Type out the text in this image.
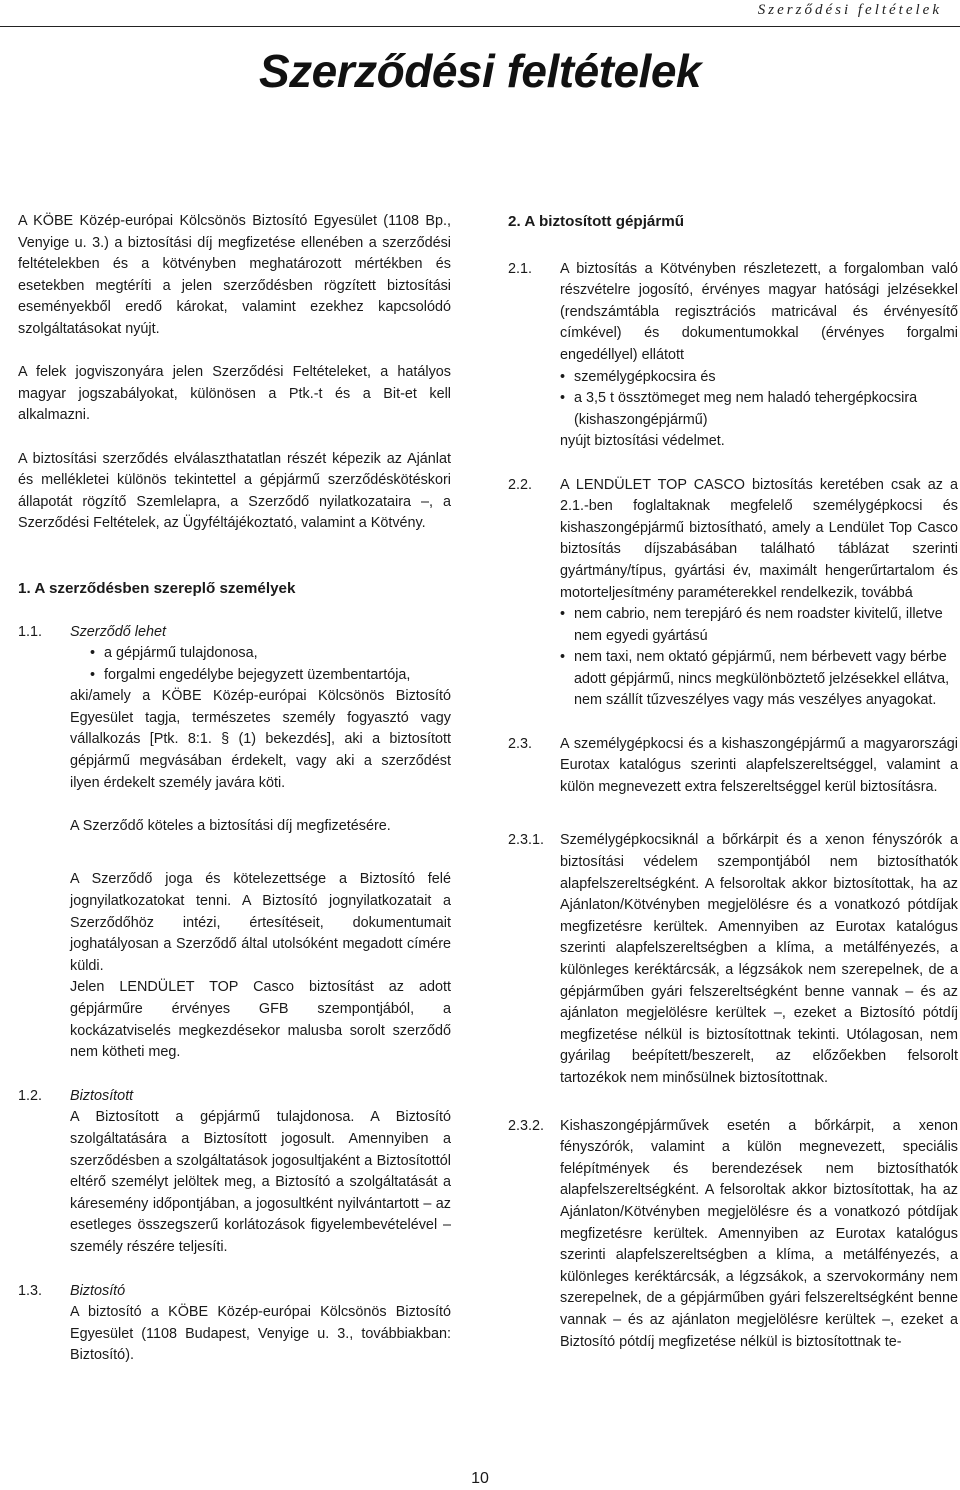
Szerződési feltételek
Szerződési feltételek

A KÖBE Közép-európai Kölcsönös Biztosító Egyesület (1108 Bp., Venyige u. 3.) a biztosítási díj megfizetése ellenében a szerződési feltételekben és a kötvényben meghatározott mértékben és esetekben megtéríti a jelen szerződésben rögzített biztosítási eseményekből eredő károkat, valamint ezekhez kapcsolódó szolgáltatásokat nyújt.

A felek jogviszonyára jelen Szerződési Feltételeket, a hatályos magyar jogszabályokat, különösen a Ptk.-t és a Bit-et kell alkalmazni.

A biztosítási szerződés elválaszthatatlan részét képezik az Ajánlat és mellékletei különös tekintettel a gépjármű szerződéskötéskori állapotát rögzítő Szemlelapra, a Szerződő nyilatkozataira –, a Szerződési Feltételek, az Ügyféltájékoztató, valamint a Kötvény.

1. A szerződésben szereplő személyek

1.1. Szerződő lehet

• a gépjármű tulajdonosa,
• forgalmi engedélybe bejegyzett üzembentartója,

aki/amely a KÖBE Közép-európai Kölcsönös Biztosító Egyesület tagja, természetes személy fogyasztó vagy vállalkozás [Ptk. 8:1. § (1) bekezdés], aki a biztosított gépjármű megvásában érdekelt, vagy aki a szerződést ilyen érdekelt személy javára köti.

A Szerződő köteles a biztosítási díj megfizetésére.

A Szerződő joga és kötelezettsége a Biztosító felé jognyilatkozatokat tenni. A Biztosító jognyilatkozatait a Szerződőhöz intézi, értesítéseit, dokumentumait joghatályosan a Szerződő által utolsóként megadott címére küldi.

Jelen LENDÜLET TOP Casco biztosítást az adott gépjárműre érvényes GFB szempontjából, a kockázatviselés megkezdésekor malusba sorolt szerződő nem kötheti meg.

1.2. Biztosított

A Biztosított a gépjármű tulajdonosa. A Biztosító szolgáltatására a Biztosított jogosult. Amennyiben a szerződésben a szolgáltatások jogosultjaként a Biztosítottól eltérő személyt jelöltek meg, a Biztosító a szolgáltatását a káresemény időpontjában, a jogosultként nyilvántartott – az esetleges összegszerű korlátozások figyelembevételével – személy részére teljesíti.

1.3. Biztosító

A biztosító a KÖBE Közép-európai Kölcsönös Biztosító Egyesület (1108 Budapest, Venyige u. 3., továbbiakban: Biztosító).

2. A biztosított gépjármű

2.1. A biztosítás a Kötvényben részletezett, a forgalomban való részvételre jogosító, érvényes magyar hatósági jelzésekkel (rendszámtábla regisztrációs matricával és érvényesítő címkével) és dokumentumokkal (érvényes forgalmi engedéllyel) ellátott

• személygépkocsira és
• a 3,5 t össztömeget meg nem haladó tehergépkocsira (kishaszongépjármű)

nyújt biztosítási védelmet.

2.2. A LENDÜLET TOP CASCO biztosítás keretében csak az a 2.1.-ben foglaltaknak megfelelő személygépkocsi és kishaszongépjármű biztosítható, amely a Lendület Top Casco biztosítás díjszabásában található táblázat szerinti gyártmány/típus, gyártási év, maximált hengerűrtartalom és motorteljesítmény paraméterekkel rendelkezik, továbbá

• nem cabrio, nem terepjáró és nem roadster kivitelű, illetve nem egyedi gyártású
• nem taxi, nem oktató gépjármű, nem bérbevett vagy bérbe adott gépjármű, nincs megkülönböztető jelzésekkel ellátva, nem szállít tűzveszélyes vagy más veszélyes anyagokat.
2.3. A személygépkocsi és a kishaszongépjármű a magyarországi Eurotax katalógus szerinti alapfelszereltséggel, valamint a külön megnevezett extra felszereltséggel kerül biztosításra.

2.3.1. Személygépkocsiknál a bőrkárpit és a xenon fényszórók a biztosítási védelem szempontjából nem biztosíthatók alapfelszereltségként. A felsoroltak akkor biztosítottak, ha az Ajánlaton/Kötvényben megjelölésre és a vonatkozó pótdíjak megfizetésre kerültek. Amennyiben az Eurotax katalógus szerinti alapfelszereltségben a klíma, a metálfényezés, a különleges keréktárcsák, a légzsákok nem szerepelnek, de a gépjárműben gyári felszereltségként benne vannak – és az ajánlaton megjelölésre kerültek –, ezeket a Biztosító pótdíj megfizetése nélkül is biztosítottnak tekinti. Utólagosan, nem gyárilag beépített/beszerelt, az előzőekben felsorolt tartozékok nem minősülnek biztosítottnak.

2.3.2. Kishaszongépjárművek esetén a bőrkárpit, a xenon fényszórók, valamint a külön megnevezett, speciális felépítmények és berendezések nem biztosíthatók alapfelszereltségként. A felsoroltak akkor biztosítottak, ha az Ajánlaton/Kötvényben megjelölésre és a vonatkozó pótdíjak megfizetésre kerültek. Amennyiben az Eurotax katalógus szerinti alapfelszereltségben a klíma, a metálfényezés, a különleges keréktárcsák, a légzsákok, a szervokormány nem szerepelnek, de a gépjárműben gyári felszereltségként benne vannak – és az ajánlaton megjelölésre kerültek –, ezeket a Biztosító pótdíj megfizetése nélkül is biztosítottnak te-

10
